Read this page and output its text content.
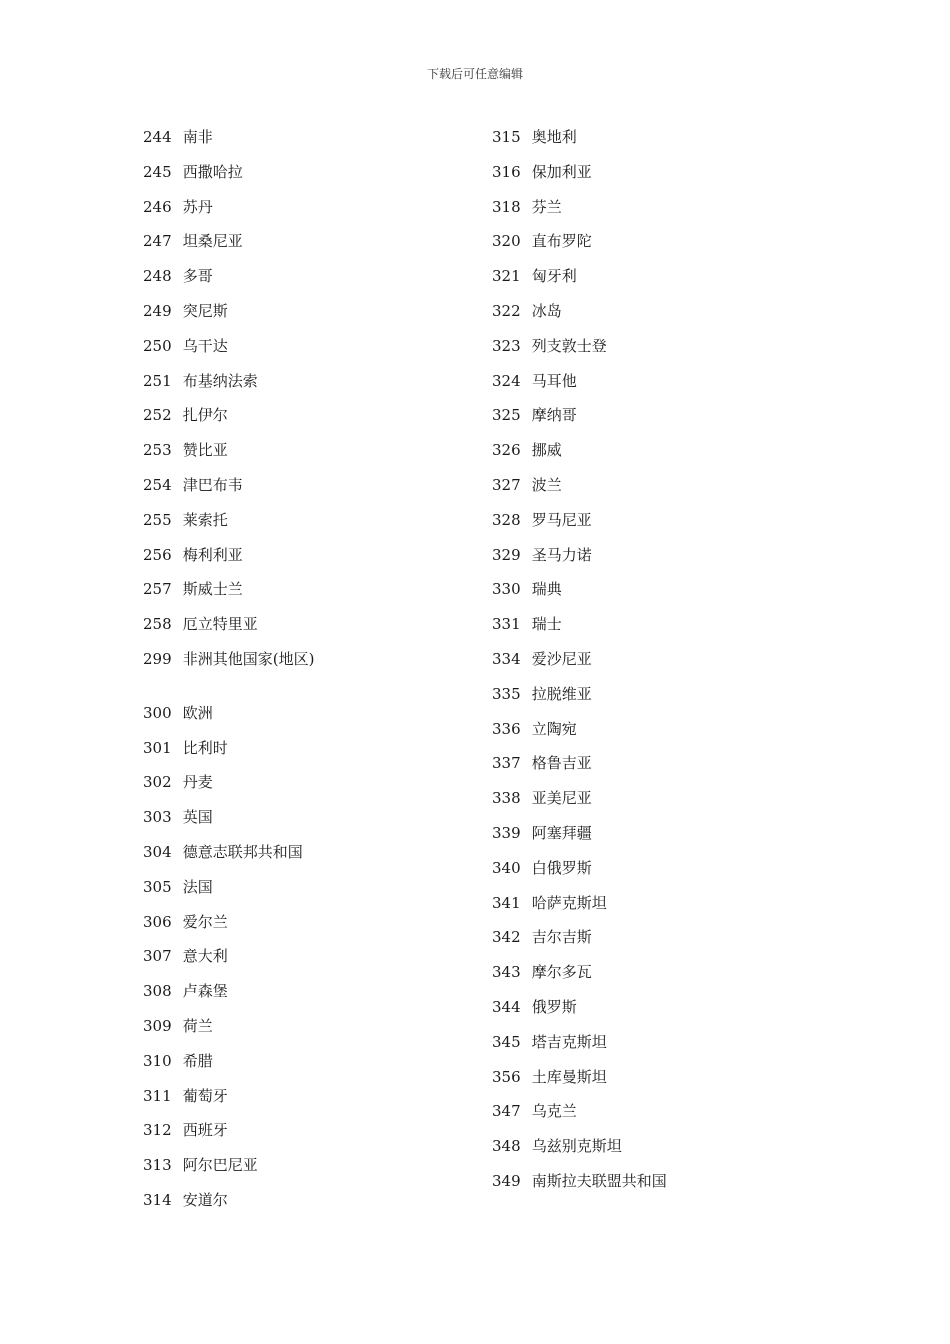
下载后可任意编辑
244 南非
245 西撒哈拉
246 苏丹
247 坦桑尼亚
248 多哥
249 突尼斯
250 乌干达
251 布基纳法索
252 扎伊尔
253 赞比亚
254 津巴布韦
255 莱索托
256 梅利利亚
257 斯威士兰
258 厄立特里亚
299 非洲其他国家(地区)
300 欧洲
301 比利时
302 丹麦
303 英国
304 德意志联邦共和国
305 法国
306 爱尔兰
307 意大利
308 卢森堡
309 荷兰
310 希腊
311 葡萄牙
312 西班牙
313 阿尔巴尼亚
314 安道尔
315 奥地利
316 保加利亚
318 芬兰
320 直布罗陀
321 匈牙利
322 冰岛
323 列支敦士登
324 马耳他
325 摩纳哥
326 挪威
327 波兰
328 罗马尼亚
329 圣马力诺
330 瑞典
331 瑞士
334 爱沙尼亚
335 拉脱维亚
336 立陶宛
337 格鲁吉亚
338 亚美尼亚
339 阿塞拜疆
340 白俄罗斯
341 哈萨克斯坦
342 吉尔吉斯
343 摩尔多瓦
344 俄罗斯
345 塔吉克斯坦
356 土库曼斯坦
347 乌克兰
348 乌兹别克斯坦
349 南斯拉夫联盟共和国
